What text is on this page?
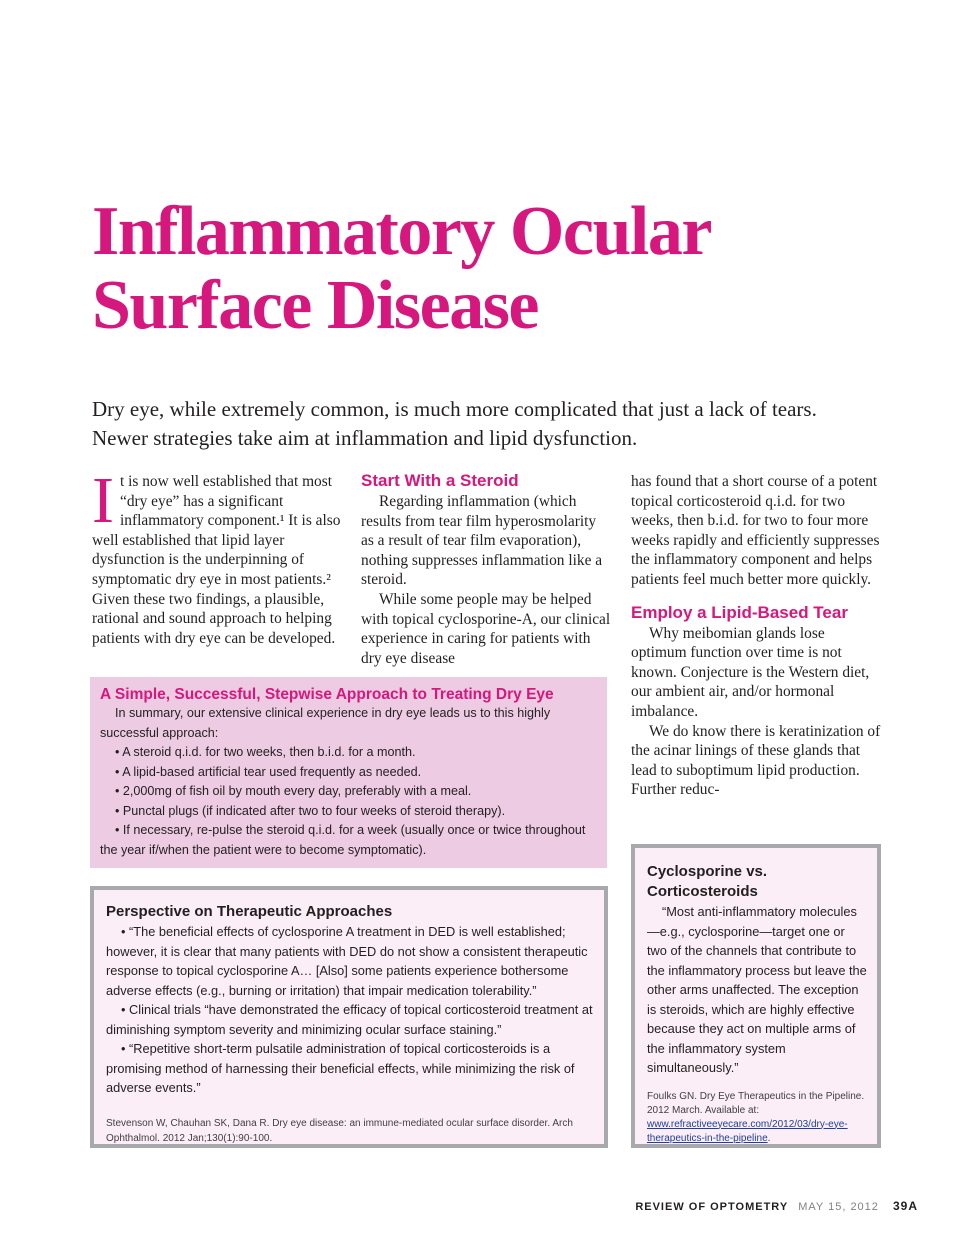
Inflammatory Ocular
Surface Disease

Dry eye, while extremely common, is much more complicated that just a lack of tears. Newer strategies take aim at inflammation and lipid dysfunction.

I t is now well established that most “dry eye” has a significant inflammatory component.¹ It is also well established that lipid layer dysfunction is the underpinning of symptomatic dry eye in most patients.² Given these two findings, a plausible, rational and sound approach to helping patients with dry eye can be developed.

Start With a Steroid

Regarding inflammation (which results from tear film hyperosmolarity as a result of tear film evaporation), nothing suppresses inflammation like a steroid.

While some people may be helped with topical cyclosporine-A, our clinical experience in caring for patients with dry eye disease

has found that a short course of a potent topical corticosteroid q.i.d. for two weeks, then b.i.d. for two to four more weeks rapidly and efficiently suppresses the inflammatory component and helps patients feel much better more quickly.

Employ a Lipid-Based Tear

Why meibomian glands lose optimum function over time is not known. Conjecture is the Western diet, our ambient air, and/or hormonal imbalance.

We do know there is keratinization of the acinar linings of these glands that lead to suboptimum lipid production. Further reduc-

A Simple, Successful, Stepwise Approach to Treating Dry Eye

In summary, our extensive clinical experience in dry eye leads us to this highly successful approach:

• A steroid q.i.d. for two weeks, then b.i.d. for a month.

• A lipid-based artificial tear used frequently as needed.

• 2,000mg of fish oil by mouth every day, preferably with a meal.

• Punctal plugs (if indicated after two to four weeks of steroid therapy).

• If necessary, re-pulse the steroid q.i.d. for a week (usually once or twice throughout the year if/when the patient were to become symptomatic).

Perspective on Therapeutic Approaches

• “The beneficial effects of cyclosporine A treatment in DED is well established; however, it is clear that many patients with DED do not show a consistent therapeutic response to topical cyclosporine A… [Also] some patients experience bothersome adverse effects (e.g., burning or irritation) that impair medication tolerability.”

• Clinical trials “have demonstrated the efficacy of topical corticosteroid treatment at diminishing symptom severity and minimizing ocular surface staining.”

• “Repetitive short-term pulsatile administration of topical corticosteroids is a promising method of harnessing their beneficial effects, while minimizing the risk of adverse events.”

Stevenson W, Chauhan SK, Dana R. Dry eye disease: an immune-mediated ocular surface disorder. Arch Ophthalmol. 2012 Jan;130(1):90-100.

Cyclosporine vs. Corticosteroids

“Most anti-inflammatory molecules—e.g., cyclosporine—target one or two of the channels that contribute to the inflammatory process but leave the other arms unaffected. The exception is steroids, which are highly effective because they act on multiple arms of the inflammatory system simultaneously.”

Foulks GN. Dry Eye Therapeutics in the Pipeline. 2012 March. Available at: www.refractiveeyecare.com/2012/03/dry-eye-therapeutics-in-the-pipeline.

REVIEW OF OPTOMETRY MAY 15, 2012 39A
